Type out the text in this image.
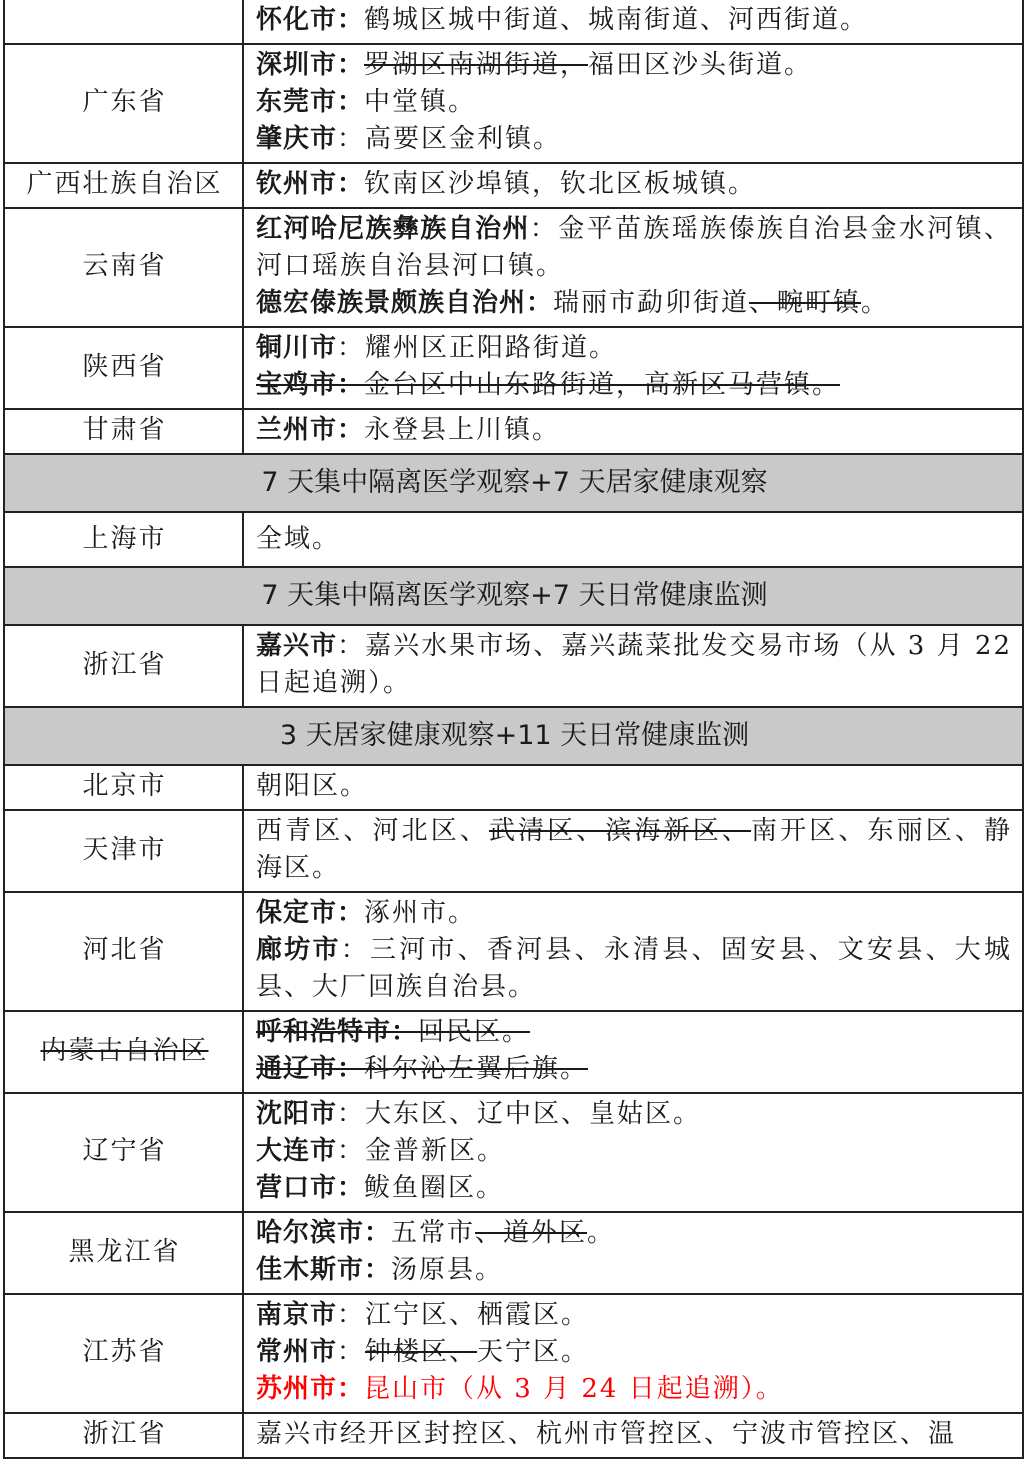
	怀化市：鹤城区城中街道、城南街道、河西街道。

广东省	深圳市：罗湖区南湖街道，福田区沙头街道。
东莞市：中堂镇。
肇庆市：高要区金利镇。

广西壮族自治区	钦州市：钦南区沙埠镇，钦北区板城镇。

云南省	红河哈尼族彝族自治州：金平苗族瑶族傣族自治县金水河镇、河口瑶族自治县河口镇。
德宏傣族景颇族自治州：瑞丽市勐卯街道、畹町镇。

陕西省	铜川市：耀州区正阳路街道。
宝鸡市：金台区中山东路街道，高新区马营镇。

甘肃省	兰州市：永登县上川镇。

7 天集中隔离医学观察+7 天居家健康观察	
上海市	全域。
7 天集中隔离医学观察+7 天日常健康监测	
浙江省	嘉兴市：嘉兴水果市场、嘉兴蔬菜批发交易市场（从 3 月 22 日起追溯）。
3 天居家健康观察+11 天日常健康监测	
北京市	朝阳区。
天津市	西青区、河北区、武清区、滨海新区、南开区、东丽区、静海区。
河北省	保定市：涿州市。
廊坊市：三河市、香河县、永清县、固安县、文安县、大城县、大厂回族自治县。

内蒙古自治区	呼和浩特市：回民区。
通辽市：科尔沁左翼后旗。

辽宁省	沈阳市：大东区、辽中区、皇姑区。
大连市：金普新区。
营口市：鲅鱼圈区。

黑龙江省	哈尔滨市：五常市、道外区。
佳木斯市：汤原县。

江苏省	南京市：江宁区、栖霞区。
常州市：钟楼区、天宁区。
苏州市：昆山市（从 3 月 24 日起追溯）。

浙江省	嘉兴市经开区封控区、杭州市管控区、宁波市管控区、温
